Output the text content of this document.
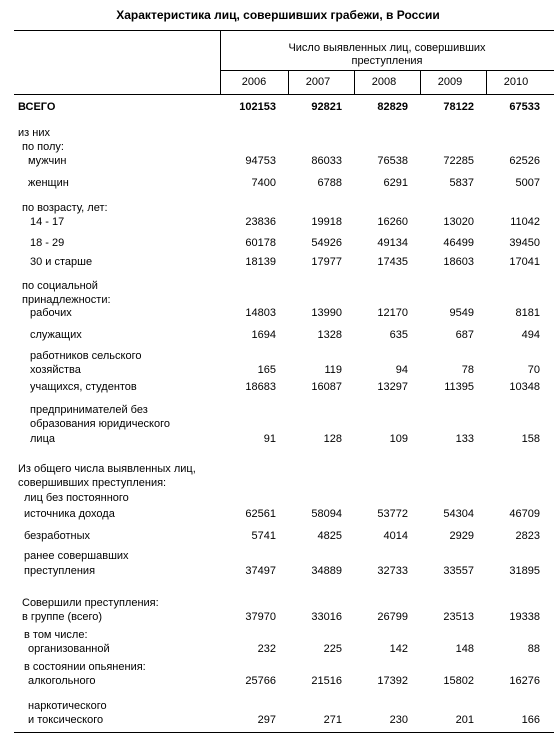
Характеристика лиц, совершивших грабежи, в России
Число выявленных лиц, совершивших
преступления
2006	2007	2008	2009	2010
ВСЕГО	102153	92821	82829	78122	67533
из них
по полу:
мужчин	94753	86033	76538	72285	62526
женщин	7400	6788	6291	5837	5007
по возрасту, лет:
14 - 17	23836	19918	16260	13020	11042
18 - 29	60178	54926	49134	46499	39450
30 и старше	18139	17977	17435	18603	17041
по социальной
принадлежности:
рабочих	14803	13990	12170	9549	8181
служащих	1694	1328	635	687	494
работников сельского
хозяйства	165	119	94	78	70
учащихся, студентов	18683	16087	13297	11395	10348
предпринимателей без
образования юридического
лица	91	128	109	133	158
Из общего числа выявленных лиц,
совершивших преступления:
лиц без постоянного
источника дохода	62561	58094	53772	54304	46709
безработных	5741	4825	4014	2929	2823
ранее совершавших
преступления	37497	34889	32733	33557	31895
Совершили преступления:
в группе (всего)	37970	33016	26799	23513	19338
в том числе:
организованной	232	225	142	148	88
в состоянии опьянения:
алкогольного	25766	21516	17392	15802	16276
наркотического
и токсического	297	271	230	201	166
